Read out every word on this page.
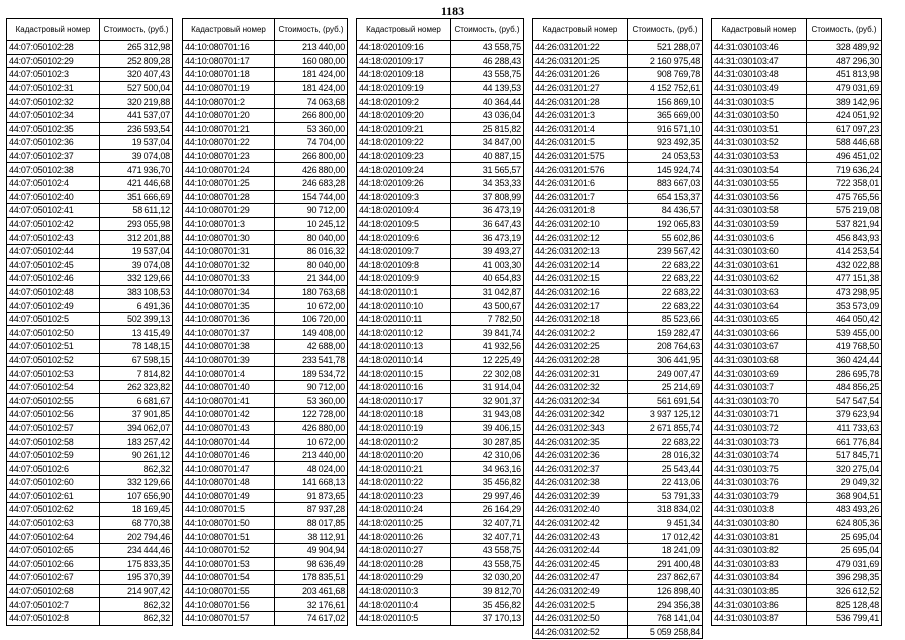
1183
Кадастровый номер	Стоимость, (руб.)
44:07:050102:28	265 312,98
44:07:050102:29	252 809,28
44:07:050102:3	320 407,43
44:07:050102:31	527 500,04
44:07:050102:32	320 219,88
44:07:050102:34	441 537,07
44:07:050102:35	236 593,54
44:07:050102:36	19 537,04
44:07:050102:37	39 074,08
44:07:050102:38	471 936,70
44:07:050102:4	421 446,68
44:07:050102:40	351 666,69
44:07:050102:41	58 611,12
44:07:050102:42	293 055,98
44:07:050102:43	312 201,88
44:07:050102:44	19 537,04
44:07:050102:45	39 074,08
44:07:050102:46	332 129,66
44:07:050102:48	383 108,53
44:07:050102:49	6 491,36
44:07:050102:5	502 399,13
44:07:050102:50	13 415,49
44:07:050102:51	78 148,15
44:07:050102:52	67 598,15
44:07:050102:53	7 814,82
44:07:050102:54	262 323,82
44:07:050102:55	6 681,67
44:07:050102:56	37 901,85
44:07:050102:57	394 062,07
44:07:050102:58	183 257,42
44:07:050102:59	90 261,12
44:07:050102:6	862,32
44:07:050102:60	332 129,66
44:07:050102:61	107 656,90
44:07:050102:62	18 169,45
44:07:050102:63	68 770,38
44:07:050102:64	202 794,46
44:07:050102:65	234 444,46
44:07:050102:66	175 833,35
44:07:050102:67	195 370,39
44:07:050102:68	214 907,42
44:07:050102:7	862,32
44:07:050102:8	862,32
Кадастровый номер	Стоимость, (руб.)
44:10:080701:16	213 440,00
44:10:080701:17	160 080,00
44:10:080701:18	181 424,00
44:10:080701:19	181 424,00
44:10:080701:2	74 063,68
44:10:080701:20	266 800,00
44:10:080701:21	53 360,00
44:10:080701:22	74 704,00
44:10:080701:23	266 800,00
44:10:080701:24	426 880,00
44:10:080701:25	246 683,28
44:10:080701:28	154 744,00
44:10:080701:29	90 712,00
44:10:080701:3	10 245,12
44:10:080701:30	80 040,00
44:10:080701:31	86 016,32
44:10:080701:32	80 040,00
44:10:080701:33	21 344,00
44:10:080701:34	180 763,68
44:10:080701:35	10 672,00
44:10:080701:36	106 720,00
44:10:080701:37	149 408,00
44:10:080701:38	42 688,00
44:10:080701:39	233 541,78
44:10:080701:4	189 534,72
44:10:080701:40	90 712,00
44:10:080701:41	53 360,00
44:10:080701:42	122 728,00
44:10:080701:43	426 880,00
44:10:080701:44	10 672,00
44:10:080701:46	213 440,00
44:10:080701:47	48 024,00
44:10:080701:48	141 668,13
44:10:080701:49	91 873,65
44:10:080701:5	87 937,28
44:10:080701:50	88 017,85
44:10:080701:51	38 112,91
44:10:080701:52	49 904,94
44:10:080701:53	98 636,49
44:10:080701:54	178 835,51
44:10:080701:55	203 461,68
44:10:080701:56	32 176,61
44:10:080701:57	74 617,02
Кадастровый номер	Стоимость, (руб.)
44:18:020109:16	43 558,75
44:18:020109:17	46 288,43
44:18:020109:18	43 558,75
44:18:020109:19	44 139,53
44:18:020109:2	40 364,44
44:18:020109:20	43 036,04
44:18:020109:21	25 815,82
44:18:020109:22	34 847,00
44:18:020109:23	40 887,15
44:18:020109:24	31 565,57
44:18:020109:26	34 353,33
44:18:020109:3	37 808,99
44:18:020109:4	36 473,19
44:18:020109:5	36 647,43
44:18:020109:6	36 473,19
44:18:020109:7	39 493,27
44:18:020109:8	41 003,30
44:18:020109:9	40 654,83
44:18:020110:1	31 042,87
44:18:020110:10	43 500,67
44:18:020110:11	7 782,50
44:18:020110:12	39 841,74
44:18:020110:13	41 932,56
44:18:020110:14	12 225,49
44:18:020110:15	22 302,08
44:18:020110:16	31 914,04
44:18:020110:17	32 901,37
44:18:020110:18	31 943,08
44:18:020110:19	39 406,15
44:18:020110:2	30 287,85
44:18:020110:20	42 310,06
44:18:020110:21	34 963,16
44:18:020110:22	35 456,82
44:18:020110:23	29 997,46
44:18:020110:24	26 164,29
44:18:020110:25	32 407,71
44:18:020110:26	32 407,71
44:18:020110:27	43 558,75
44:18:020110:28	43 558,75
44:18:020110:29	32 030,20
44:18:020110:3	39 812,70
44:18:020110:4	35 456,82
44:18:020110:5	37 170,13
Кадастровый номер	Стоимость, (руб.)
44:26:031201:22	521 288,07
44:26:031201:25	2 160 975,48
44:26:031201:26	908 769,78
44:26:031201:27	4 152 752,61
44:26:031201:28	156 869,10
44:26:031201:3	365 669,00
44:26:031201:4	916 571,10
44:26:031201:5	923 492,35
44:26:031201:575	24 053,53
44:26:031201:576	145 924,74
44:26:031201:6	883 667,03
44:26:031201:7	654 153,37
44:26:031201:8	84 436,57
44:26:031202:10	192 065,83
44:26:031202:12	55 602,86
44:26:031202:13	239 567,42
44:26:031202:14	22 683,22
44:26:031202:15	22 683,22
44:26:031202:16	22 683,22
44:26:031202:17	22 683,22
44:26:031202:18	85 523,66
44:26:031202:2	159 282,47
44:26:031202:25	208 764,63
44:26:031202:28	306 441,95
44:26:031202:31	249 007,47
44:26:031202:32	25 214,69
44:26:031202:34	561 691,54
44:26:031202:342	3 937 125,12
44:26:031202:343	2 671 855,74
44:26:031202:35	22 683,22
44:26:031202:36	28 016,32
44:26:031202:37	25 543,44
44:26:031202:38	22 413,06
44:26:031202:39	53 791,33
44:26:031202:40	318 834,02
44:26:031202:42	9 451,34
44:26:031202:43	17 012,42
44:26:031202:44	18 241,09
44:26:031202:45	291 400,48
44:26:031202:47	237 862,67
44:26:031202:49	126 898,40
44:26:031202:5	294 356,38
44:26:031202:50	768 141,04
44:26:031202:52	5 059 258,84
Кадастровый номер	Стоимость, (руб.)
44:31:030103:46	328 489,92
44:31:030103:47	487 296,30
44:31:030103:48	451 813,98
44:31:030103:49	479 031,69
44:31:030103:5	389 142,96
44:31:030103:50	424 051,92
44:31:030103:51	617 097,23
44:31:030103:52	588 446,68
44:31:030103:53	496 451,02
44:31:030103:54	719 636,24
44:31:030103:55	722 358,01
44:31:030103:56	475 765,56
44:31:030103:58	575 219,08
44:31:030103:59	537 821,94
44:31:030103:6	456 843,93
44:31:030103:60	414 253,54
44:31:030103:61	432 022,88
44:31:030103:62	477 151,38
44:31:030103:63	473 298,95
44:31:030103:64	353 573,09
44:31:030103:65	464 050,42
44:31:030103:66	539 455,00
44:31:030103:67	419 768,50
44:31:030103:68	360 424,44
44:31:030103:69	286 695,78
44:31:030103:7	484 856,25
44:31:030103:70	547 547,54
44:31:030103:71	379 623,94
44:31:030103:72	411 733,63
44:31:030103:73	661 776,84
44:31:030103:74	517 845,71
44:31:030103:75	320 275,04
44:31:030103:76	29 049,32
44:31:030103:79	368 904,51
44:31:030103:8	483 493,26
44:31:030103:80	624 805,36
44:31:030103:81	25 695,04
44:31:030103:82	25 695,04
44:31:030103:83	479 031,69
44:31:030103:84	396 298,35
44:31:030103:85	326 612,52
44:31:030103:86	825 128,48
44:31:030103:87	536 799,41
